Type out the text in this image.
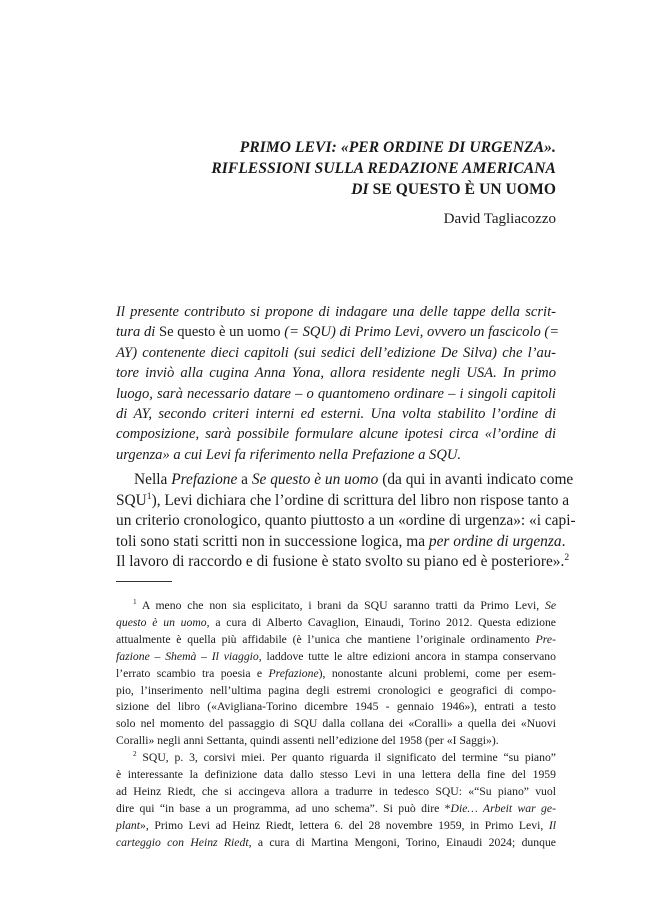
PRIMO LEVI: «PER ORDINE DI URGENZA».
RIFLESSIONI SULLA REDAZIONE AMERICANA
DI SE QUESTO È UN UOMO
David Tagliacozzo
Il presente contributo si propone di indagare una delle tappe della scrit-
tura di Se questo è un uomo (= SQU) di Primo Levi, ovvero un fascicolo (=
AY) contenente dieci capitoli (sui sedici dell’edizione De Silva) che l’au-
tore inviò alla cugina Anna Yona, allora residente negli USA. In primo
luogo, sarà necessario datare – o quantomeno ordinare – i singoli capitoli
di AY, secondo criteri interni ed esterni. Una volta stabilito l’ordine di
composizione, sarà possibile formulare alcune ipotesi circa «l’ordine di
urgenza» a cui Levi fa riferimento nella Prefazione a SQU.
Nella Prefazione a Se questo è un uomo (da qui in avanti indicato come
SQU$^1$), Levi dichiara che l’ordine di scrittura del libro non rispose tanto a
un criterio cronologico, quanto piuttosto a un «ordine di urgenza»: «i capi-
toli sono stati scritti non in successione logica, ma per ordine di urgenza.
Il lavoro di raccordo e di fusione è stato svolto su piano ed è posteriore».$^2$
$^1$ A meno che non sia esplicitato, i brani da SQU saranno tratti da Primo Levi, Se
questo è un uomo, a cura di Alberto Cavaglion, Einaudi, Torino 2012. Questa edizione
attualmente è quella più affidabile (è l’unica che mantiene l’originale ordinamento Pre-
fazione – Shemà – Il viaggio, laddove tutte le altre edizioni ancora in stampa conservano
l’errato scambio tra poesia e Prefazione), nonostante alcuni problemi, come per esem-
pio, l’inserimento nell’ultima pagina degli estremi cronologici e geografici di compo-
sizione del libro («Avigliana-Torino dicembre 1945 - gennaio 1946»), entrati a testo
solo nel momento del passaggio di SQU dalla collana dei «Coralli» a quella dei «Nuovi
Coralli» negli anni Settanta, quindi assenti nell’edizione del 1958 (per «I Saggi»).
$^2$ SQU, p. 3, corsivi miei. Per quanto riguarda il significato del termine “su piano”
è interessante la definizione data dallo stesso Levi in una lettera della fine del 1959
ad Heinz Riedt, che si accingeva allora a tradurre in tedesco SQU: «“Su piano” vuol
dire qui “in base a un programma, ad uno schema”. Si può dire *Die… Arbeit war ge-
plant», Primo Levi ad Heinz Riedt, lettera 6. del 28 novembre 1959, in Primo Levi, Il
carteggio con Heinz Riedt, a cura di Martina Mengoni, Torino, Einaudi 2024; dunque
